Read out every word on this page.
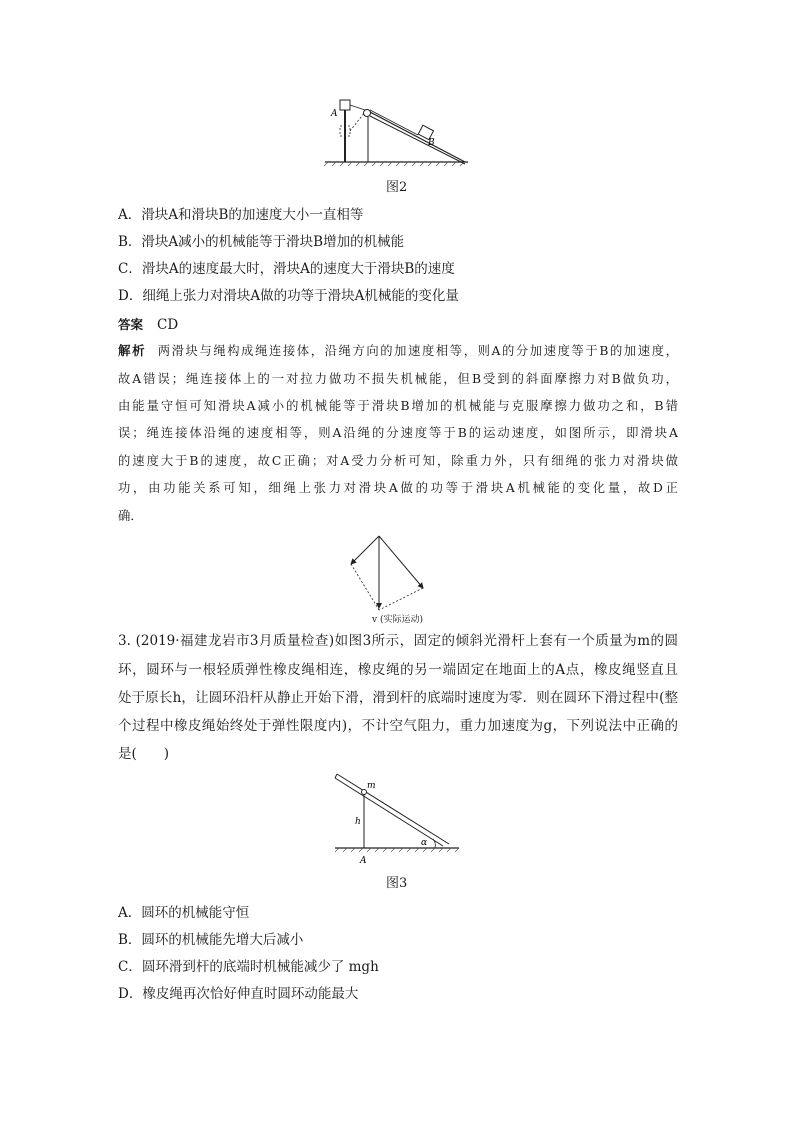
A
B
图2
A．滑块A和滑块B的加速度大小一直相等
B．滑块A减小的机械能等于滑块B增加的机械能
C．滑块A的速度最大时，滑块A的速度大于滑块B的速度
D．细绳上张力对滑块A做的功等于滑块A机械能的变化量
答案 CD
解析 两滑块与绳构成绳连接体，沿绳方向的加速度相等，则A的分加速度等于B的加速度，
故A错误；绳连接体上的一对拉力做功不损失机械能，但B受到的斜面摩擦力对B做负功，
由能量守恒可知滑块A减小的机械能等于滑块B增加的机械能与克服摩擦力做功之和，B错
误；绳连接体沿绳的速度相等，则A沿绳的分速度等于B的运动速度，如图所示，即滑块A
的速度大于B的速度，故C正确；对A受力分析可知，除重力外，只有细绳的张力对滑块做
功，由功能关系可知，细绳上张力对滑块A做的功等于滑块A机械能的变化量，故D正
确．
v (实际运动)
3. (2019·福建龙岩市3月质量检查)如图3所示，固定的倾斜光滑杆上套有一个质量为m的圆
环，圆环与一根轻质弹性橡皮绳相连，橡皮绳的另一端固定在地面上的A点，橡皮绳竖直且
处于原长h，让圆环沿杆从静止开始下滑，滑到杆的底端时速度为零．则在圆环下滑过程中(整
个过程中橡皮绳始终处于弹性限度内)，不计空气阻力，重力加速度为g，下列说法中正确的
是(　　)
m
h
A
α
图3
A．圆环的机械能守恒
B．圆环的机械能先增大后减小
C．圆环滑到杆的底端时机械能减少了 mgh
D．橡皮绳再次恰好伸直时圆环动能最大
